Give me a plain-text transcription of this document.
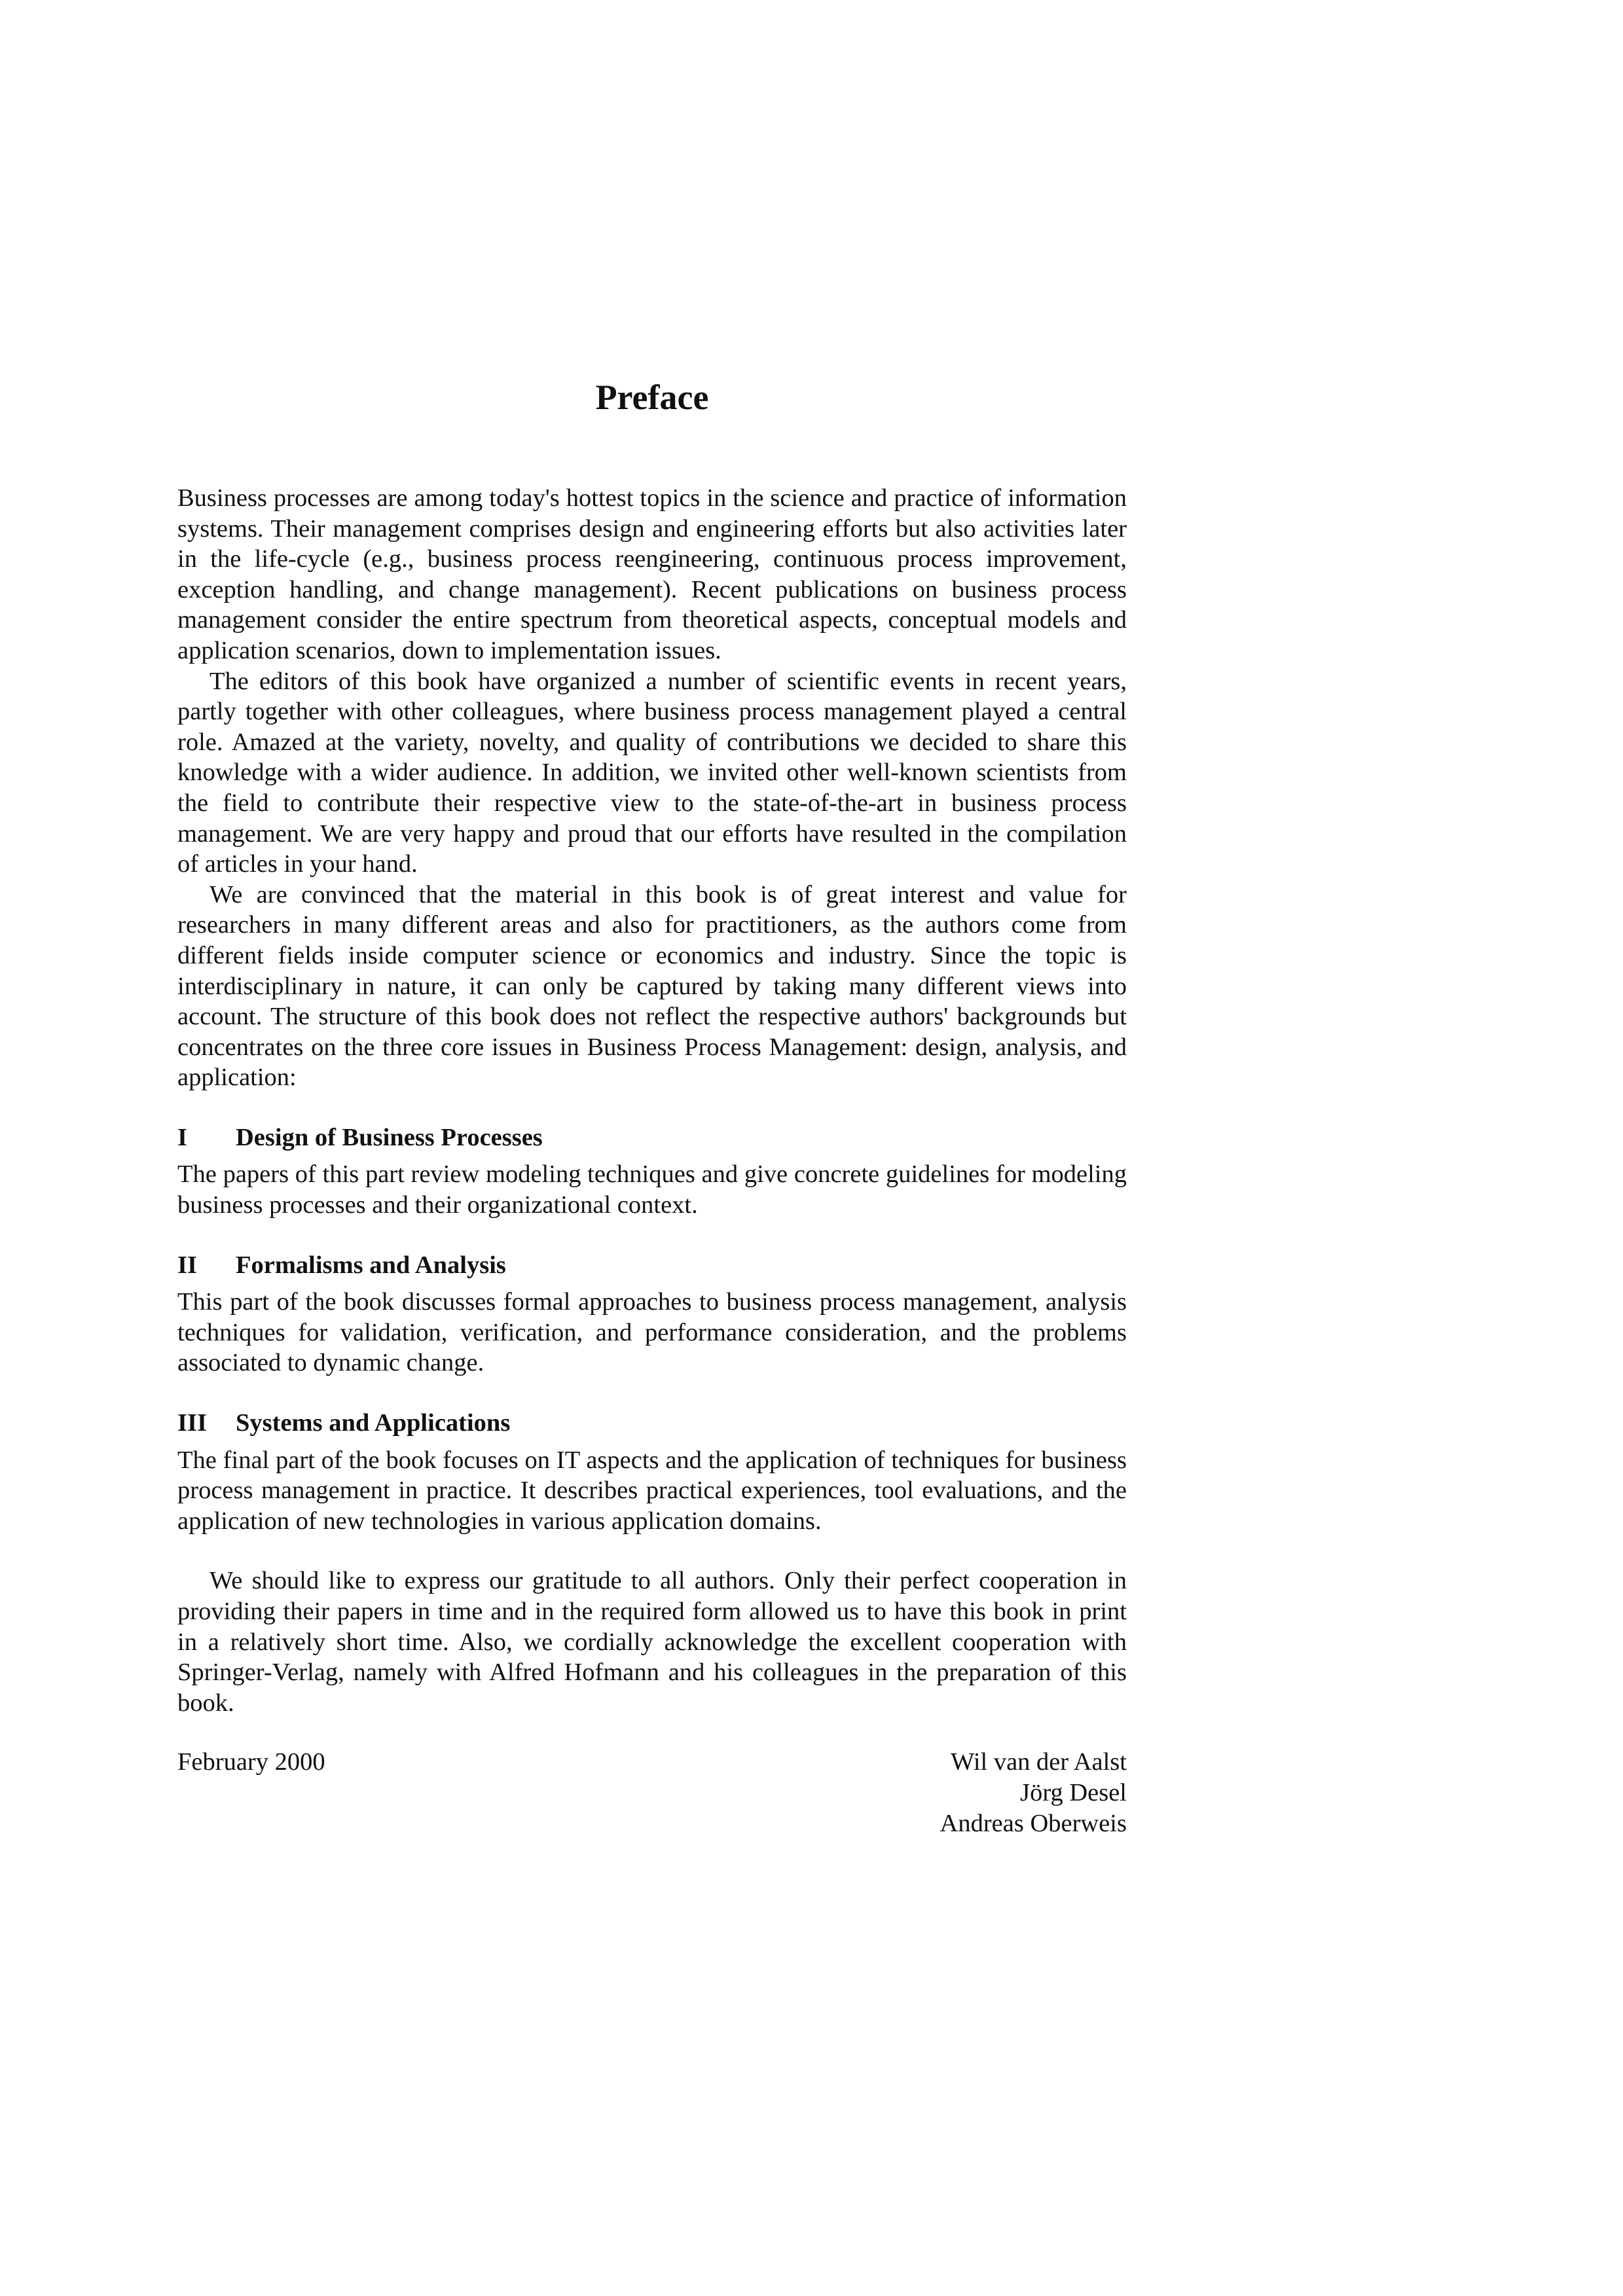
Preface

Business processes are among today's hottest topics in the science and practice of information systems. Their management comprises design and engineering efforts but also activities later in the life-cycle (e.g., business process reengineering, continuous process improvement, exception handling, and change management). Recent publications on business process management consider the entire spectrum from theoretical aspects, conceptual models and application scenarios, down to implementation issues.

The editors of this book have organized a number of scientific events in recent years, partly together with other colleagues, where business process management played a central role. Amazed at the variety, novelty, and quality of contributions we decided to share this knowledge with a wider audience. In addition, we invited other well-known scientists from the field to contribute their respective view to the state-of-the-art in business process management. We are very happy and proud that our efforts have resulted in the compilation of articles in your hand.

We are convinced that the material in this book is of great interest and value for researchers in many different areas and also for practitioners, as the authors come from different fields inside computer science or economics and industry. Since the topic is interdisciplinary in nature, it can only be captured by taking many different views into account. The structure of this book does not reflect the respective authors' backgrounds but concentrates on the three core issues in Business Process Management: design, analysis, and application:

I	Design of Business Processes

The papers of this part review modeling techniques and give concrete guidelines for modeling business processes and their organizational context.

II	Formalisms and Analysis

This part of the book discusses formal approaches to business process management, analysis techniques for validation, verification, and performance consideration, and the problems associated to dynamic change.

III	Systems and Applications

The final part of the book focuses on IT aspects and the application of techniques for business process management in practice. It describes practical experiences, tool evaluations, and the application of new technologies in various application domains.

We should like to express our gratitude to all authors. Only their perfect cooperation in providing their papers in time and in the required form allowed us to have this book in print in a relatively short time. Also, we cordially acknowledge the excellent cooperation with Springer-Verlag, namely with Alfred Hofmann and his colleagues in the preparation of this book.

February 2000	Wil van der Aalst
Jörg Desel
Andreas Oberweis
